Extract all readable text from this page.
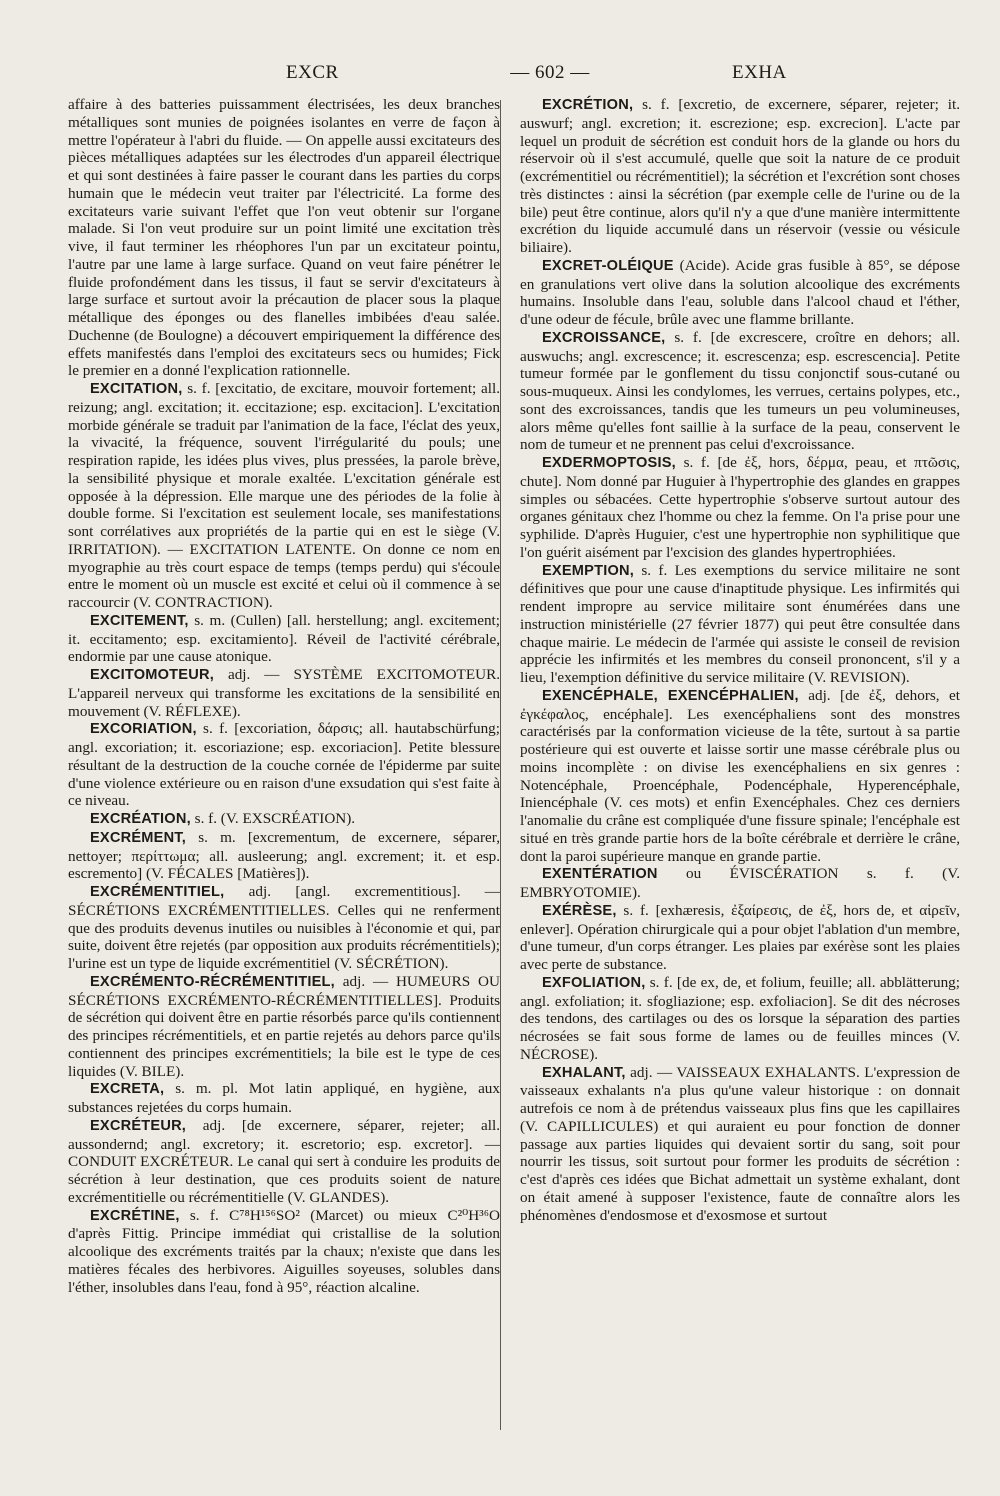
EXCR	— 602 —	EXHA

affaire à des batteries puissamment électrisées, les deux branches métalliques sont munies de poignées isolantes en verre de façon à mettre l'opérateur à l'abri du fluide. — On appelle aussi excitateurs des pièces métalliques adaptées sur les électrodes d'un appareil électrique et qui sont destinées à faire passer le courant dans les parties du corps humain que le médecin veut traiter par l'électricité. La forme des excitateurs varie suivant l'effet que l'on veut obtenir sur l'organe malade. Si l'on veut produire sur un point limité une excitation très vive, il faut terminer les rhéophores l'un par un excitateur pointu, l'autre par une lame à large surface. Quand on veut faire pénétrer le fluide profondément dans les tissus, il faut se servir d'excitateurs à large surface et surtout avoir la précaution de placer sous la plaque métallique des éponges ou des flanelles imbibées d'eau salée. Duchenne (de Boulogne) a découvert empiriquement la différence des effets manifestés dans l'emploi des excitateurs secs ou humides; Fick le premier en a donné l'explication rationnelle.

EXCITATION, s. f. [excitatio, de excitare, mouvoir fortement; all. reizung; angl. excitation; it. eccitazione; esp. excitacion]. L'excitation morbide générale se traduit par l'animation de la face, l'éclat des yeux, la vivacité, la fréquence, souvent l'irrégularité du pouls; une respiration rapide, les idées plus vives, plus pressées, la parole brève, la sensibilité physique et morale exaltée. L'excitation générale est opposée à la dépression. Elle marque une des périodes de la folie à double forme. Si l'excitation est seulement locale, ses manifestations sont corrélatives aux propriétés de la partie qui en est le siège (V. IRRITATION). — EXCITATION LATENTE. On donne ce nom en myographie au très court espace de temps (temps perdu) qui s'écoule entre le moment où un muscle est excité et celui où il commence à se raccourcir (V. CONTRACTION).

EXCITEMENT, s. m. (Cullen) [all. herstellung; angl. excitement; it. eccitamento; esp. excitamiento]. Réveil de l'activité cérébrale, endormie par une cause atonique.

EXCITOMOTEUR, adj. — SYSTÈME EXCITOMOTEUR. L'appareil nerveux qui transforme les excitations de la sensibilité en mouvement (V. RÉFLEXE).

EXCORIATION, s. f. [excoriation, δάρσις; all. hautabschürfung; angl. excoriation; it. escoriazione; esp. excoriacion]. Petite blessure résultant de la destruction de la couche cornée de l'épiderme par suite d'une violence extérieure ou en raison d'une exsudation qui s'est faite à ce niveau.

EXCRÉATION, s. f. (V. EXSCRÉATION).

EXCRÉMENT, s. m. [excrementum, de excernere, séparer, nettoyer; περίττωμα; all. ausleerung; angl. excrement; it. et esp. escremento] (V. FÉCALES [Matières]).

EXCRÉMENTITIEL, adj. [angl. excrementitious]. — SÉCRÉTIONS EXCRÉMENTITIELLES. Celles qui ne renferment que des produits devenus inutiles ou nuisibles à l'économie et qui, par suite, doivent être rejetés (par opposition aux produits récrémentitiels); l'urine est un type de liquide excrémentitiel (V. SÉCRÉTION).

EXCRÉMENTO-RÉCRÉMENTITIEL, adj. — HUMEURS OU SÉCRÉTIONS EXCRÉMENTO-RÉCRÉMENTITIELLES]. Produits de sécrétion qui doivent être en partie résorbés parce qu'ils contiennent des principes récrémentitiels, et en partie rejetés au dehors parce qu'ils contiennent des principes excrémentitiels; la bile est le type de ces liquides (V. BILE).

EXCRETA, s. m. pl. Mot latin appliqué, en hygiène, aux substances rejetées du corps humain.

EXCRÉTEUR, adj. [de excernere, séparer, rejeter; all. aussondernd; angl. excretory; it. escretorio; esp. excretor]. — CONDUIT EXCRÉTEUR. Le canal qui sert à conduire les produits de sécrétion à leur destination, que ces produits soient de nature excrémentitielle ou récrémentitielle (V. GLANDES).

EXCRÉTINE, s. f. C⁷⁸H¹⁵⁶SO² (Marcet) ou mieux C²⁰H³⁶O d'après Fittig. Principe immédiat qui cristallise de la solution alcoolique des excréments traités par la chaux; n'existe que dans les matières fécales des herbivores. Aiguilles soyeuses, solubles dans l'éther, insolubles dans l'eau, fond à 95°, réaction alcaline.

EXCRÉTION, s. f. [excretio, de excernere, séparer, rejeter; it. auswurf; angl. excretion; it. escrezione; esp. excrecion]. L'acte par lequel un produit de sécrétion est conduit hors de la glande ou hors du réservoir où il s'est accumulé, quelle que soit la nature de ce produit (excrémentitiel ou récrémentitiel); la sécrétion et l'excrétion sont choses très distinctes : ainsi la sécrétion (par exemple celle de l'urine ou de la bile) peut être continue, alors qu'il n'y a que d'une manière intermittente excrétion du liquide accumulé dans un réservoir (vessie ou vésicule biliaire).

EXCRET-OLÉIQUE (Acide). Acide gras fusible à 85°, se dépose en granulations vert olive dans la solution alcoolique des excréments humains. Insoluble dans l'eau, soluble dans l'alcool chaud et l'éther, d'une odeur de fécule, brûle avec une flamme brillante.

EXCROISSANCE, s. f. [de excrescere, croître en dehors; all. auswuchs; angl. excrescence; it. escrescenza; esp. escrescencia]. Petite tumeur formée par le gonflement du tissu conjonctif sous-cutané ou sous-muqueux. Ainsi les condylomes, les verrues, certains polypes, etc., sont des excroissances, tandis que les tumeurs un peu volumineuses, alors même qu'elles font saillie à la surface de la peau, conservent le nom de tumeur et ne prennent pas celui d'excroissance.

EXDERMOPTOSIS, s. f. [de ἐξ, hors, δέρμα, peau, et πτῶσις, chute]. Nom donné par Huguier à l'hypertrophie des glandes en grappes simples ou sébacées. Cette hypertrophie s'observe surtout autour des organes génitaux chez l'homme ou chez la femme. On l'a prise pour une syphilide. D'après Huguier, c'est une hypertrophie non syphilitique que l'on guérit aisément par l'excision des glandes hypertrophiées.

EXEMPTION, s. f. Les exemptions du service militaire ne sont définitives que pour une cause d'inaptitude physique. Les infirmités qui rendent impropre au service militaire sont énumérées dans une instruction ministérielle (27 février 1877) qui peut être consultée dans chaque mairie. Le médecin de l'armée qui assiste le conseil de revision apprécie les infirmités et les membres du conseil prononcent, s'il y a lieu, l'exemption définitive du service militaire (V. REVISION).

EXENCÉPHALE, EXENCÉPHALIEN, adj. [de ἐξ, dehors, et ἐγκέφαλος, encéphale]. Les exencéphaliens sont des monstres caractérisés par la conformation vicieuse de la tête, surtout à sa partie postérieure qui est ouverte et laisse sortir une masse cérébrale plus ou moins incomplète : on divise les exencéphaliens en six genres : Notencéphale, Proencéphale, Podencéphale, Hyperencéphale, Iniencéphale (V. ces mots) et enfin Exencéphales. Chez ces derniers l'anomalie du crâne est compliquée d'une fissure spinale; l'encéphale est situé en très grande partie hors de la boîte cérébrale et derrière le crâne, dont la paroi supérieure manque en grande partie.

EXENTÉRATION ou ÉVISCÉRATION s. f. (V. EMBRYOTOMIE).

EXÉRÈSE, s. f. [exhæresis, ἐξαίρεσις, de ἐξ, hors de, et αἱρεῖν, enlever]. Opération chirurgicale qui a pour objet l'ablation d'un membre, d'une tumeur, d'un corps étranger. Les plaies par exérèse sont les plaies avec perte de substance.

EXFOLIATION, s. f. [de ex, de, et folium, feuille; all. abblätterung; angl. exfoliation; it. sfogliazione; esp. exfoliacion]. Se dit des nécroses des tendons, des cartilages ou des os lorsque la séparation des parties nécrosées se fait sous forme de lames ou de feuilles minces (V. NÉCROSE).

EXHALANT, adj. — VAISSEAUX EXHALANTS. L'expression de vaisseaux exhalants n'a plus qu'une valeur historique : on donnait autrefois ce nom à de prétendus vaisseaux plus fins que les capillaires (V. CAPILLICULES) et qui auraient eu pour fonction de donner passage aux parties liquides qui devaient sortir du sang, soit pour nourrir les tissus, soit surtout pour former les produits de sécrétion : c'est d'après ces idées que Bichat admettait un système exhalant, dont on était amené à supposer l'existence, faute de connaître alors les phénomènes d'endosmose et d'exosmose et surtout
